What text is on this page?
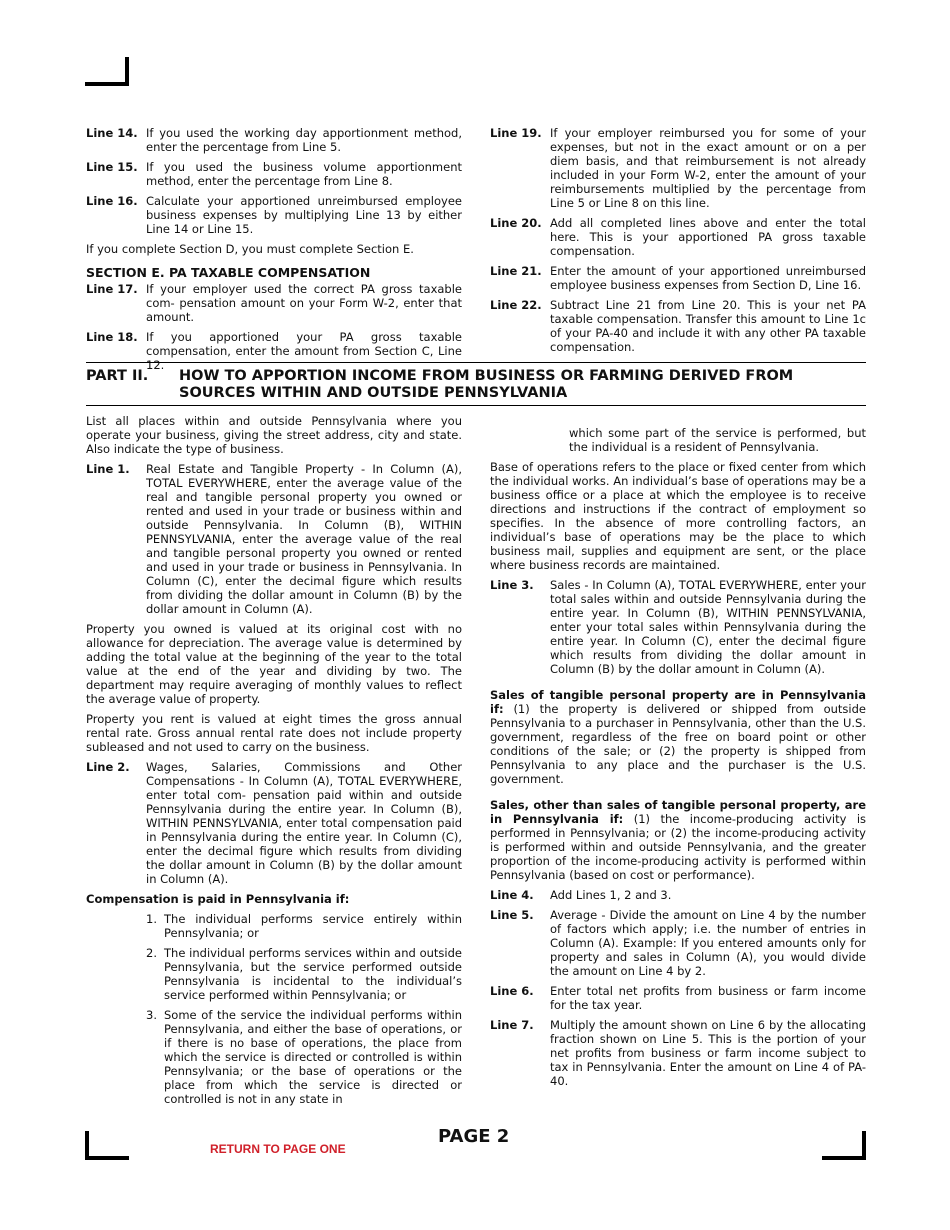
Line 14. If you used the working day apportionment method, enter the percentage from Line 5.
Line 15. If you used the business volume apportionment method, enter the percentage from Line 8.
Line 16. Calculate your apportioned unreimbursed employee business expenses by multiplying Line 13 by either Line 14 or Line 15.

If you complete Section D, you must complete Section E.

SECTION E. PA TAXABLE COMPENSATION
Line 17. If your employer used the correct PA gross taxable com- pensation amount on your Form W-2, enter that amount.
Line 18. If you apportioned your PA gross taxable compensation, enter the amount from Section C, Line 12.
Line 19. If your employer reimbursed you for some of your expenses, but not in the exact amount or on a per diem basis, and that reimbursement is not already included in your Form W-2, enter the amount of your reimbursements multiplied by the percentage from Line 5 or Line 8 on this line.
Line 20. Add all completed lines above and enter the total here. This is your apportioned PA gross taxable compensation.
Line 21. Enter the amount of your apportioned unreimbursed employee business expenses from Section D, Line 16.
Line 22. Subtract Line 21 from Line 20. This is your net PA taxable compensation. Transfer this amount to Line 1c of your PA-40 and include it with any other PA taxable compensation.
PART II. HOW TO APPORTION INCOME FROM BUSINESS OR FARMING DERIVED FROM SOURCES WITHIN AND OUTSIDE PENNSYLVANIA

List all places within and outside Pennsylvania where you operate your business, giving the street address, city and state. Also indicate the type of business.

Line 1.	Real Estate and Tangible Property - In Column (A), TOTAL EVERYWHERE, enter the average value of the real and tangible personal property you owned or rented and used in your trade or business within and outside Pennsylvania. In Column (B), WITHIN PENNSYLVANIA, enter the average value of the real and tangible personal property you owned or rented and used in your trade or business in Pennsylvania. In Column (C), enter the decimal figure which results from dividing the dollar amount in Column (B) by the dollar amount in Column (A).

Property you owned is valued at its original cost with no allowance for depreciation. The average value is determined by adding the total value at the beginning of the year to the total value at the end of the year and dividing by two. The department may require averaging of monthly values to reflect the average value of property.

Property you rent is valued at eight times the gross annual rental rate. Gross annual rental rate does not include property subleased and not used to carry on the business.

Line 2.	Wages, Salaries, Commissions and Other Compensations - In Column (A), TOTAL EVERYWHERE, enter total com- pensation paid within and outside Pennsylvania during the entire year. In Column (B), WITHIN PENNSYLVANIA, enter total compensation paid in Pennsylvania during the entire year. In Column (C), enter the decimal figure which results from dividing the dollar amount in Column (B) by the dollar amount in Column (A).

Compensation is paid in Pennsylvania if:

1. The individual performs service entirely within Pennsylvania; or
2. The individual performs services within and outside Pennsylvania, but the service performed outside Pennsylvania is incidental to the individual’s service performed within Pennsylvania; or
3. Some of the service the individual performs within Pennsylvania, and either the base of operations, or if there is no base of operations, the place from which the service is directed or controlled is within Pennsylvania; or the base of operations or the place from which the service is directed or controlled is not in any state in

which some part of the service is performed, but the individual is a resident of Pennsylvania.

Base of operations refers to the place or fixed center from which the individual works. An individual’s base of operations may be a business office or a place at which the employee is to receive directions and instructions if the contract of employment so specifies. In the absence of more controlling factors, an individual’s base of operations may be the place to which business mail, supplies and equipment are sent, or the place where business records are maintained.

Line 3.	Sales - In Column (A), TOTAL EVERYWHERE, enter your total sales within and outside Pennsylvania during the entire year. In Column (B), WITHIN PENNSYLVANIA, enter your total sales within Pennsylvania during the entire year. In Column (C), enter the decimal figure which results from dividing the dollar amount in Column (B) by the dollar amount in Column (A).

Sales of tangible personal property are in Pennsylvania if: (1) the property is delivered or shipped from outside Pennsylvania to a purchaser in Pennsylvania, other than the U.S. government, regardless of the free on board point or other conditions of the sale; or (2) the property is shipped from Pennsylvania to any place and the purchaser is the U.S. government.

Sales, other than sales of tangible personal property, are in Pennsylvania if: (1) the income-producing activity is performed in Pennsylvania; or (2) the income-producing activity is performed within and outside Pennsylvania, and the greater proportion of the income-producing activity is performed within Pennsylvania (based on cost or performance).

Line 4.	Add Lines 1, 2 and 3.
Line 5.	Average - Divide the amount on Line 4 by the number of factors which apply; i.e. the number of entries in Column (A). Example: If you entered amounts only for property and sales in Column (A), you would divide the amount on Line 4 by 2.
Line 6.	Enter total net profits from business or farm income for the tax year.
Line 7.	Multiply the amount shown on Line 6 by the allocating fraction shown on Line 5. This is the portion of your net profits from business or farm income subject to tax in Pennsylvania. Enter the amount on Line 4 of PA-40.
PAGE 2
RETURN TO PAGE ONE
